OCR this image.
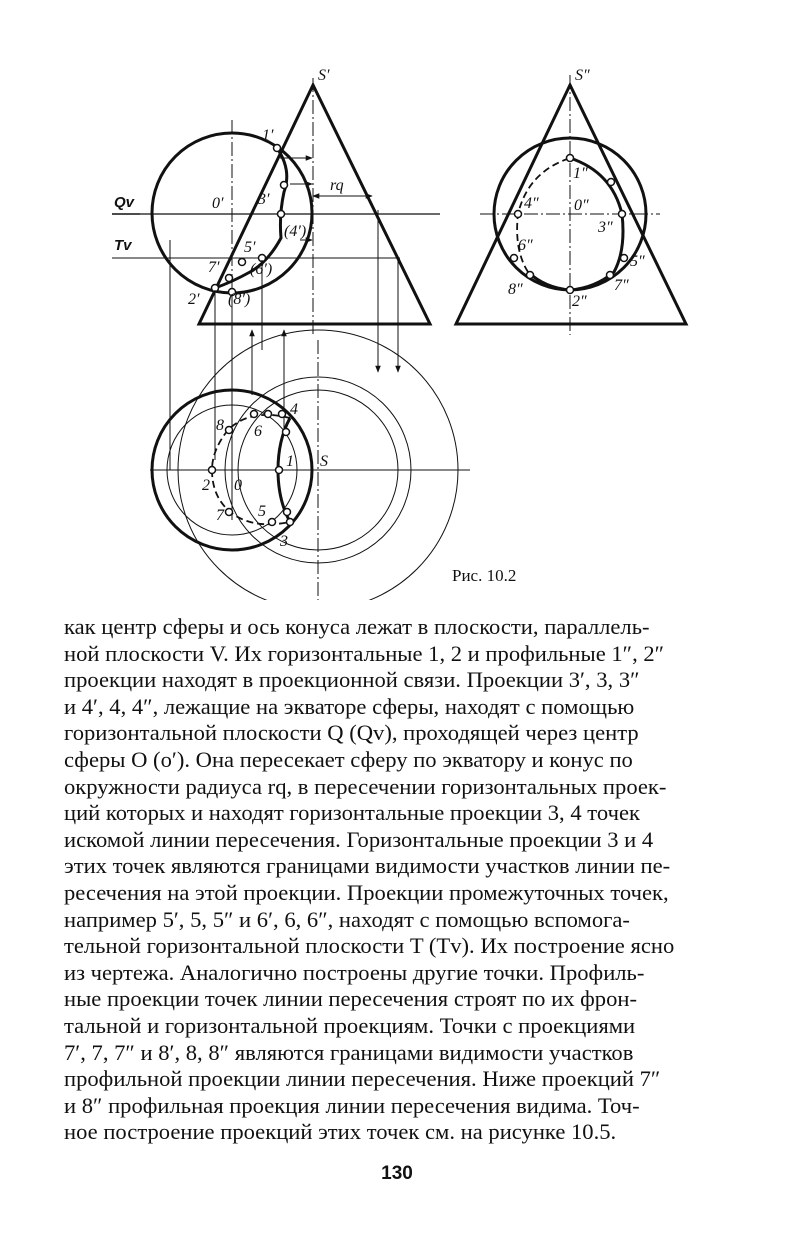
S′	S″
Qv
Tv
0′
1′
3′
(4′)
5′
(6′)
7′
(8′)
2′
rq
1″
4″ 0″
3″
6″
5″
8″	7″
2″
8 6
4
1 S
2 0
7 5
3
Рис. 10.2

как центр сферы и ось конуса лежат в плоскости, параллель-

ной плоскости V. Их горизонтальные 1, 2 и профильные 1″, 2″

проекции находят в проекционной связи. Проекции 3′, 3, 3″

и 4′, 4, 4″, лежащие на экваторе сферы, находят с помощью

горизонтальной плоскости Q (Qv), проходящей через центр

сферы O (o′). Она пересекает сферу по экватору и конус по

окружности радиуса rq, в пересечении горизонтальных проек-

ций которых и находят горизонтальные проекции 3, 4 точек

искомой линии пересечения. Горизонтальные проекции 3 и 4

этих точек являются границами видимости участков линии пе-

ресечения на этой проекции. Проекции промежуточных точек,

например 5′, 5, 5″ и 6′, 6, 6″, находят с помощью вспомога-

тельной горизонтальной плоскости T (Tv). Их построение ясно

из чертежа. Аналогично построены другие точки. Профиль-

ные проекции точек линии пересечения строят по их фрон-

тальной и горизонтальной проекциям. Точки с проекциями

7′, 7, 7″ и 8′, 8, 8″ являются границами видимости участков

профильной проекции линии пересечения. Ниже проекций 7″

и 8″ профильная проекция линии пересечения видима. Точ-

ное построение проекций этих точек см. на рисунке 10.5.

130
